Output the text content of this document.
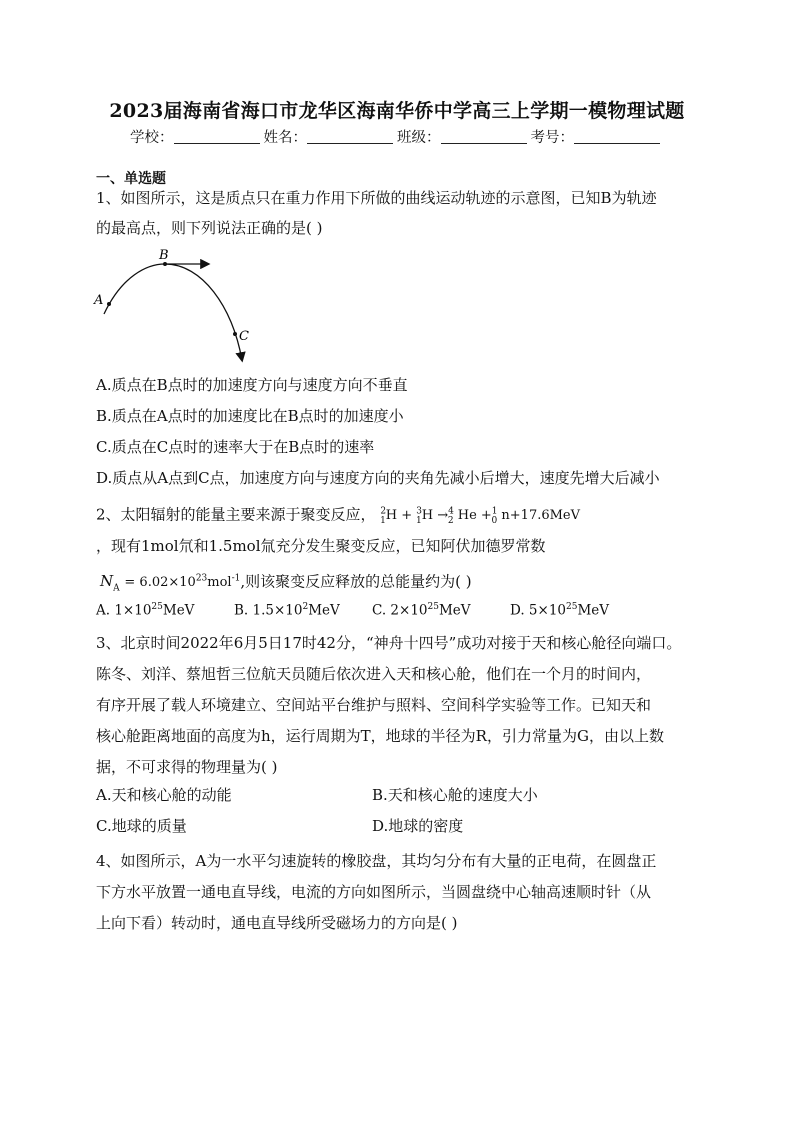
2023届海南省海口市龙华区海南华侨中学高三上学期一模物理试题
学校：	姓名：	班级：	考号：
一、单选题
1、如图所示，这是质点只在重力作用下所做的曲线运动轨迹的示意图，已知B为轨迹
的最高点，则下列说法正确的是( )
A
B
C
A.质点在B点时的加速度方向与速度方向不垂直
B.质点在A点时的加速度比在B点时的加速度小
C.质点在C点时的速率大于在B点时的速率
D.质点从A点到C点，加速度方向与速度方向的夹角先减小后增大，速度先增大后减小
2、太阳辐射的能量主要来源于聚变反应， $^2_1$H + $^3_1$H →$^4_2$ He +$^1_0$ n+17.6MeV
，现有1mol氘和1.5mol氚充分发生聚变反应，已知阿伏加德罗常数
$N_A = 6.02\times 10^{23}mol^{-1}$,则该聚变反应释放的总能量约为( )
A. $1\times 10^{25}MeV$	B. $1.5\times 10^2MeV$ C. $2\times 10^{25}MeV$	D. $5\times 10^{25}MeV$
3、北京时间2022年6月5日17时42分，“神舟十四号”成功对接于天和核心舱径向端口。
陈冬、刘洋、蔡旭哲三位航天员随后依次进入天和核心舱，他们在一个月的时间内，
有序开展了载人环境建立、空间站平台维护与照料、空间科学实验等工作。已知天和
核心舱距离地面的高度为h，运行周期为T，地球的半径为R，引力常量为G，由以上数
据，不可求得的物理量为( )
A.天和核心舱的动能	B.天和核心舱的速度大小
C.地球的质量	D.地球的密度
4、如图所示，A为一水平匀速旋转的橡胶盘，其均匀分布有大量的正电荷，在圆盘正
下方水平放置一通电直导线，电流的方向如图所示，当圆盘绕中心轴高速顺时针（从
上向下看）转动时，通电直导线所受磁场力的方向是( )
